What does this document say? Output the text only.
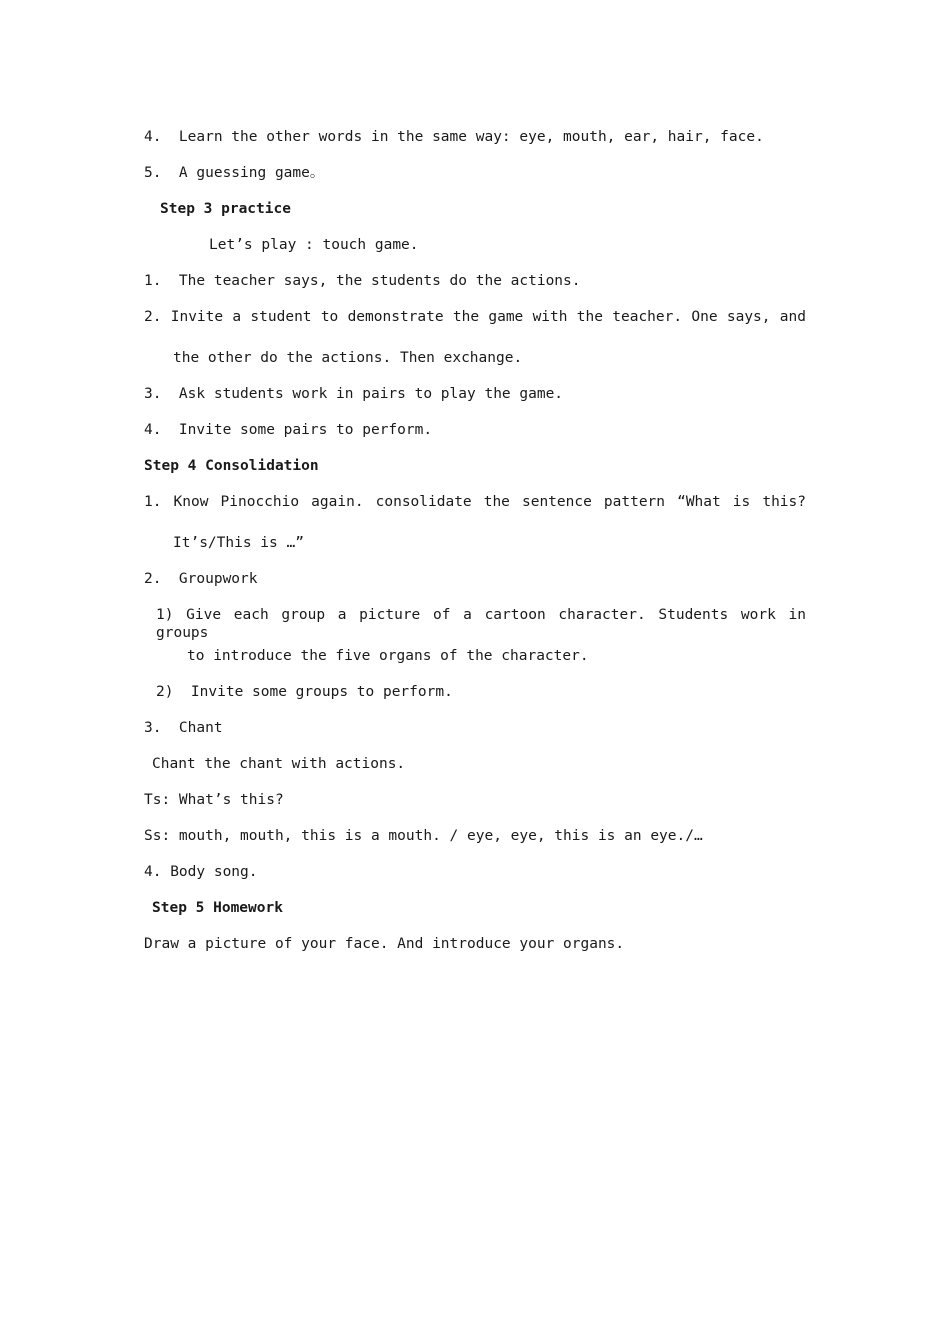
4.  Learn the other words in the same way: eye, mouth, ear, hair, face.
5.  A guessing game。
Step 3 practice
Let’s play : touch game.
1.  The teacher says, the students do the actions.
2. Invite a student to demonstrate the game with the teacher. One says, and
the other do the actions. Then exchange.
3.  Ask students work in pairs to play the game.
4.  Invite some pairs to perform.
Step 4 Consolidation
1. Know Pinocchio again. consolidate the sentence pattern “What is this?
It’s/This is …”
2.  Groupwork
1) Give each group a picture of a cartoon character. Students work in groups
to introduce the five organs of the character.
2)  Invite some groups to perform.
3.  Chant
Chant the chant with actions.
Ts: What’s this?
Ss: mouth, mouth, this is a mouth. / eye, eye, this is an eye./…
4. Body song.
Step 5 Homework
Draw a picture of your face. And introduce your organs.
